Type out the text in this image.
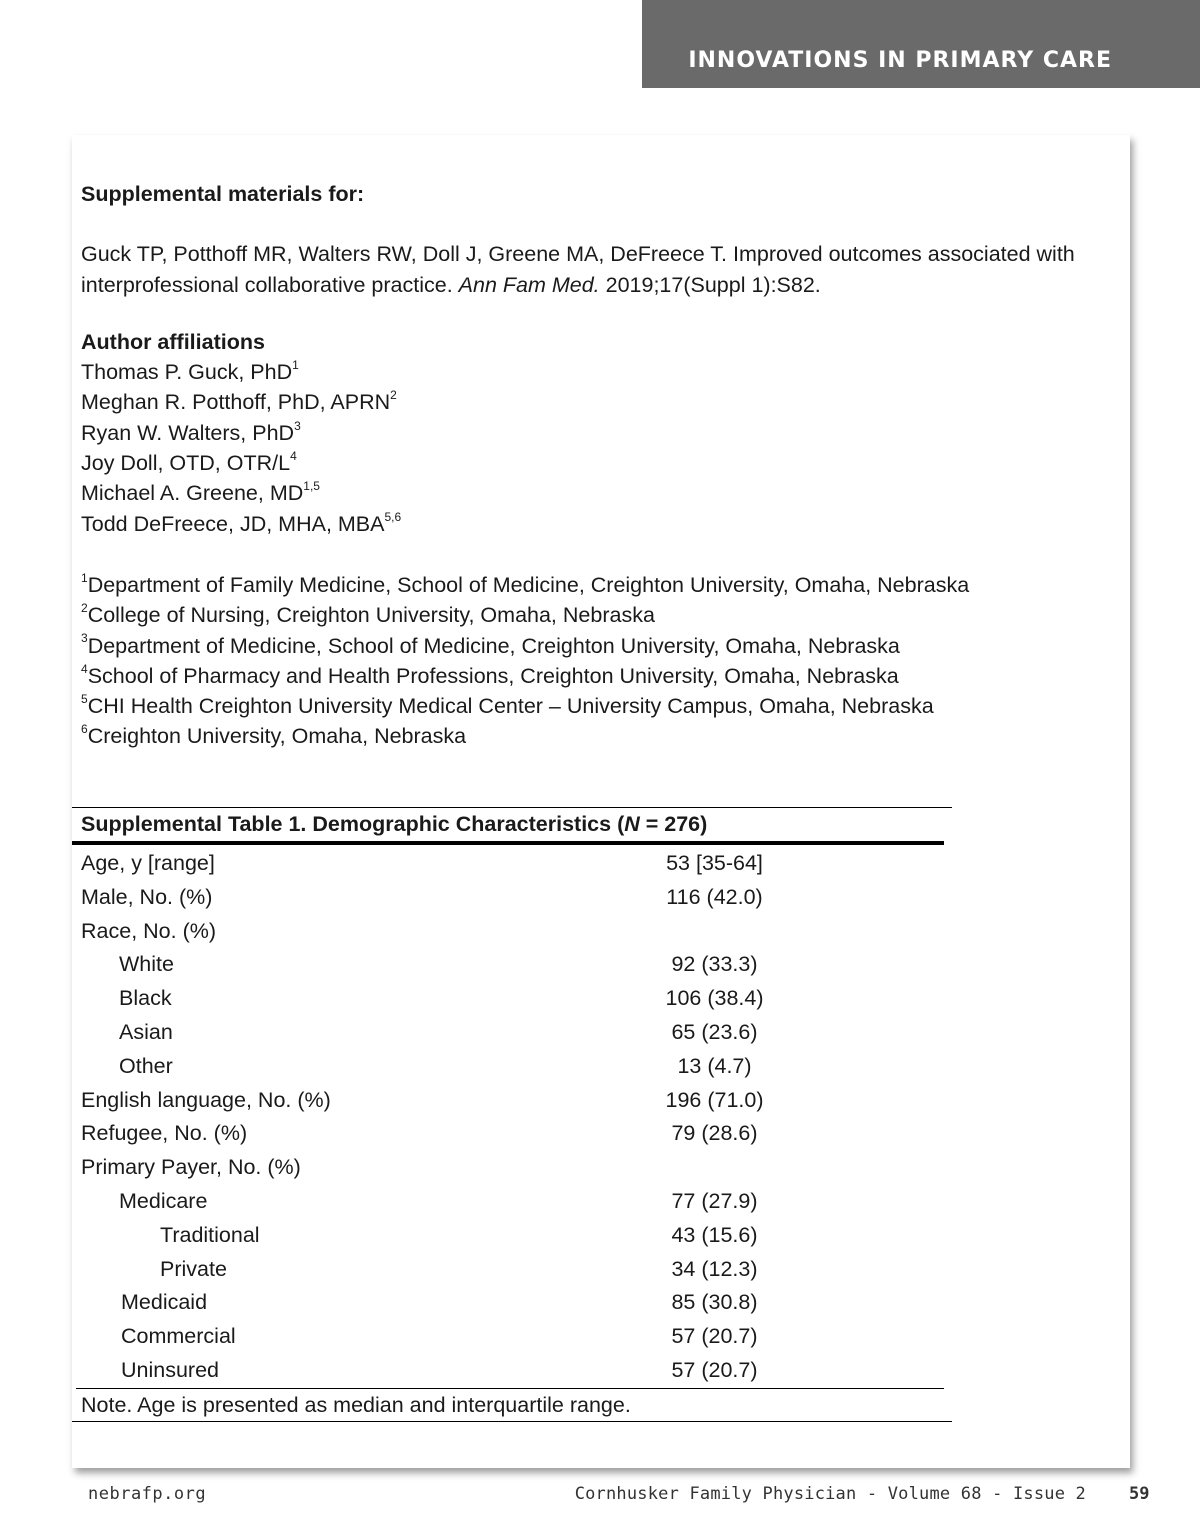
INNOVATIONS IN PRIMARY CARE

Supplemental materials for:

Guck TP, Potthoff MR, Walters RW, Doll J, Greene MA, DeFreece T. Improved outcomes associated with interprofessional collaborative practice. Ann Fam Med. 2019;17(Suppl 1):S82.

Author affiliations

Thomas P. Guck, PhD$^1$

Meghan R. Potthoff, PhD, APRN$^2$

Ryan W. Walters, PhD$^3$

Joy Doll, OTD, OTR/$L^4$

Michael A. Greene, MD$^{1,5}$

Todd DeFreece, JD, MHA, MBA$^{5,6}$

$^1$Department of Family Medicine, School of Medicine, Creighton University, Omaha, Nebraska

$^2$College of Nursing, Creighton University, Omaha, Nebraska

$^3$Department of Medicine, School of Medicine, Creighton University, Omaha, Nebraska

$^4$School of Pharmacy and Health Professions, Creighton University, Omaha, Nebraska

$^5$CHI Health Creighton University Medical Center – University Campus, Omaha, Nebraska

$^6$Creighton University, Omaha, Nebraska

Supplemental Table 1. Demographic Characteristics (N = 276)
Age, y [range]	53 [35-64]
Male, No. (%)	116 (42.0)
Race, No. (%)
White	92 (33.3)
Black	106 (38.4)
Asian	65 (23.6)
Other	13 (4.7)
English language, No. (%)	196 (71.0)
Refugee, No. (%)	79 (28.6)
Primary Payer, No. (%)
Medicare	77 (27.9)
Traditional	43 (15.6)
Private	34 (12.3)
Medicaid	85 (30.8)
Commercial	57 (20.7)
Uninsured	57 (20.7)
Note. Age is presented as median and interquartile range.
nebrafp.org	Cornhusker Family Physician - Volume 68 - Issue 2	59
